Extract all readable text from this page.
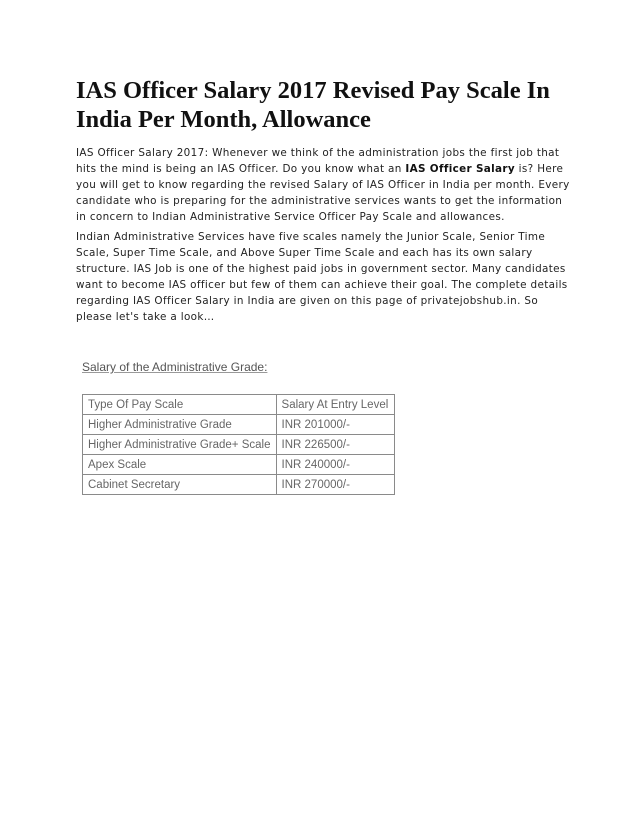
IAS Officer Salary 2017 Revised Pay Scale In India Per Month, Allowance

IAS Officer Salary 2017: Whenever we think of the administration jobs the first job that hits the mind is being an IAS Officer. Do you know what an IAS Officer Salary is? Here you will get to know regarding the revised Salary of IAS Officer in India per month. Every candidate who is preparing for the administrative services wants to get the information in concern to Indian Administrative Service Officer Pay Scale and allowances.

Indian Administrative Services have five scales namely the Junior Scale, Senior Time Scale, Super Time Scale, and Above Super Time Scale and each has its own salary structure. IAS Job is one of the highest paid jobs in government sector. Many candidates want to become IAS officer but few of them can achieve their goal. The complete details regarding IAS Officer Salary in India are given on this page of privatejobshub.in. So please let's take a look…

Salary of the Administrative Grade:
Type Of Pay Scale	Salary At Entry Level
Higher Administrative Grade	INR 201000/-
Higher Administrative Grade+ Scale	INR 226500/-
Apex Scale	INR 240000/-
Cabinet Secretary	INR 270000/-
